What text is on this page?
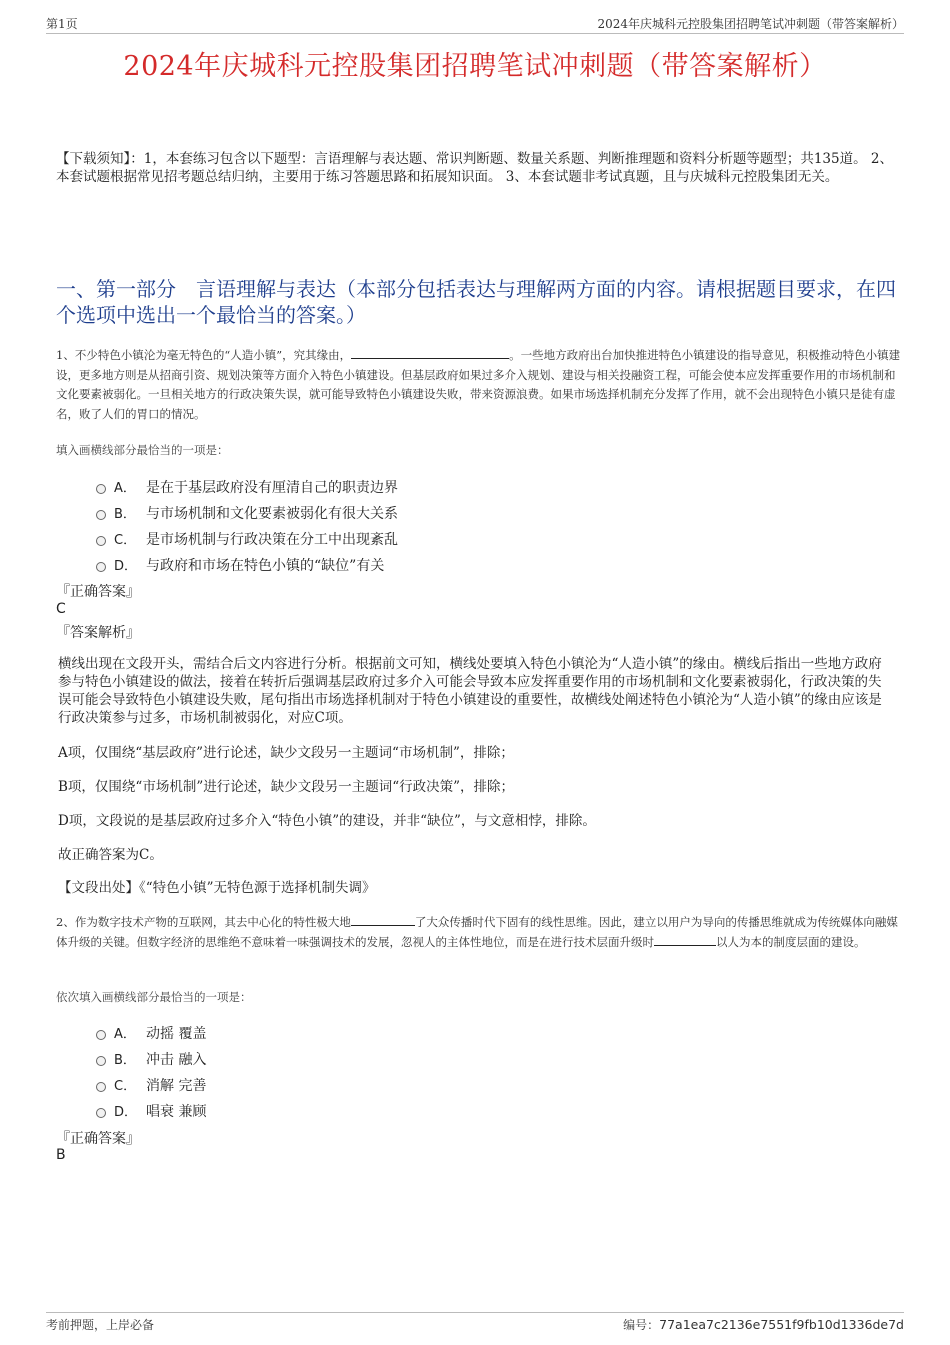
第1页	2024年庆城科元控股集团招聘笔试冲刺题（带答案解析）
2024年庆城科元控股集团招聘笔试冲刺题（带答案解析）
【下载须知】：1，本套练习包含以下题型：言语理解与表达题、常识判断题、数量关系题、判断推理题和资料分析题等题型；共135道。 2、本套试题根据常见招考题总结归纳，主要用于练习答题思路和拓展知识面。 3、本套试题非考试真题，且与庆城科元控股集团无关。
一、第一部分　言语理解与表达（本部分包括表达与理解两方面的内容。请根据题目要求，在四个选项中选出一个最恰当的答案。）
1、不少特色小镇沦为毫无特色的“人造小镇”，究其缘由，	。一些地方政府出台加快推进特色小镇建设的指导意见，积极推动特色小镇建设，更多地方则是从招商引资、规划决策等方面介入特色小镇建设。但基层政府如果过多介入规划、建设与相关投融资工程，可能会使本应发挥重要作用的市场机制和文化要素被弱化。一旦相关地方的行政决策失误，就可能导致特色小镇建设失败，带来资源浪费。如果市场选择机制充分发挥了作用，就不会出现特色小镇只是徒有虚名，败了人们的胃口的情况。
填入画横线部分最恰当的一项是：
A． 是在于基层政府没有厘清自己的职责边界
B． 与市场机制和文化要素被弱化有很大关系
C． 是市场机制与行政决策在分工中出现紊乱
D． 与政府和市场在特色小镇的“缺位”有关
『正确答案』
C
『答案解析』
横线出现在文段开头，需结合后文内容进行分析。根据前文可知，横线处要填入特色小镇沦为“人造小镇”的缘由。横线后指出一些地方政府参与特色小镇建设的做法，接着在转折后强调基层政府过多介入可能会导致本应发挥重要作用的市场机制和文化要素被弱化，行政决策的失误可能会导致特色小镇建设失败，尾句指出市场选择机制对于特色小镇建设的重要性，故横线处阐述特色小镇沦为“人造小镇”的缘由应该是行政决策参与过多，市场机制被弱化，对应C项。
A项，仅围绕“基层政府”进行论述，缺少文段另一主题词“市场机制”，排除；
B项，仅围绕“市场机制”进行论述，缺少文段另一主题词“行政决策”，排除；
D项，文段说的是基层政府过多介入“特色小镇”的建设，并非“缺位”，与文意相悖，排除。
故正确答案为C。
【文段出处】《“特色小镇”无特色源于选择机制失调》
2、作为数字技术产物的互联网，其去中心化的特性极大地	了大众传播时代下固有的线性思维。因此，建立以用户为导向的传播思维就成为传统媒体向融媒体升级的关键。但数字经济的思维绝不意味着一味强调技术的发展，忽视人的主体性地位，而是在进行技术层面升级时	以人为本的制度层面的建设。
依次填入画横线部分最恰当的一项是：
A． 动摇 覆盖
B． 冲击 融入
C． 消解 完善
D． 唱衰 兼顾
『正确答案』
B
考前押题，上岸必备	编号：77a1ea7c2136e7551f9fb10d1336de7d
